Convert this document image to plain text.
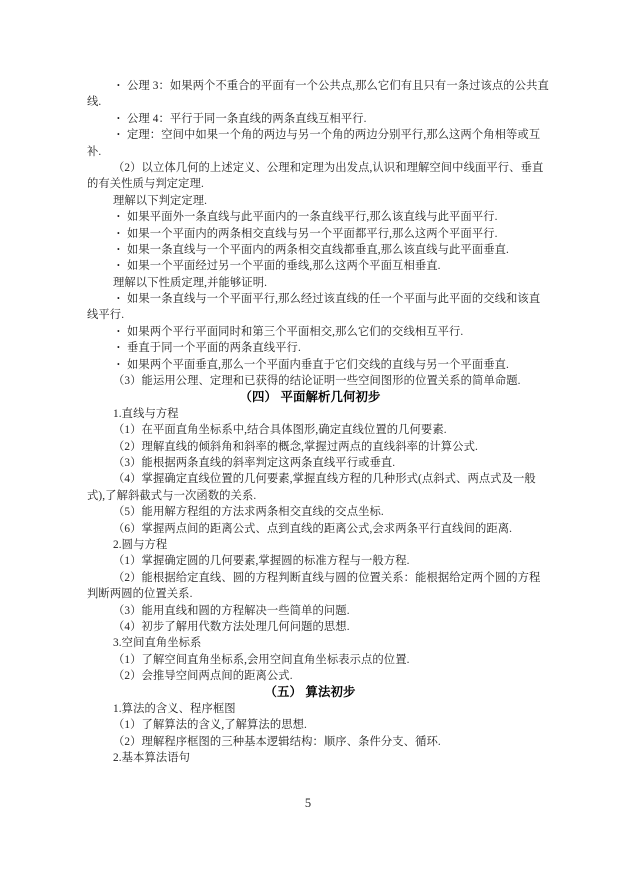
• 公理 3：如果两个不重合的平面有一个公共点,那么它们有且只有一条过该点的公共直
线.
• 公理 4：平行于同一条直线的两条直线互相平行.
• 定理：空间中如果一个角的两边与另一个角的两边分别平行,那么这两个角相等或互
补.
（2）以立体几何的上述定义、公理和定理为出发点,认识和理解空间中线面平行、垂直
的有关性质与判定定理.
理解以下判定定理.
• 如果平面外一条直线与此平面内的一条直线平行,那么该直线与此平面平行.
• 如果一个平面内的两条相交直线与另一个平面都平行,那么这两个平面平行.
• 如果一条直线与一个平面内的两条相交直线都垂直,那么该直线与此平面垂直.
• 如果一个平面经过另一个平面的垂线,那么这两个平面互相垂直.
理解以下性质定理,并能够证明.
• 如果一条直线与一个平面平行,那么经过该直线的任一个平面与此平面的交线和该直
线平行.
• 如果两个平行平面同时和第三个平面相交,那么它们的交线相互平行.
• 垂直于同一个平面的两条直线平行.
• 如果两个平面垂直,那么一个平面内垂直于它们交线的直线与另一个平面垂直.
（3）能运用公理、定理和已获得的结论证明一些空间图形的位置关系的简单命题.
（四） 平面解析几何初步
1.直线与方程
（1）在平面直角坐标系中,结合具体图形,确定直线位置的几何要素.
（2）理解直线的倾斜角和斜率的概念,掌握过两点的直线斜率的计算公式.
（3）能根据两条直线的斜率判定这两条直线平行或垂直.
（4）掌握确定直线位置的几何要素,掌握直线方程的几种形式(点斜式、两点式及一般
式),了解斜截式与一次函数的关系.
（5）能用解方程组的方法求两条相交直线的交点坐标.
（6）掌握两点间的距离公式、点到直线的距离公式,会求两条平行直线间的距离.
2.圆与方程
（1）掌握确定圆的几何要素,掌握圆的标准方程与一般方程.
（2）能根据给定直线、圆的方程判断直线与圆的位置关系：能根据给定两个圆的方程
判断两圆的位置关系.
（3）能用直线和圆的方程解决一些简单的问题.
（4）初步了解用代数方法处理几何问题的思想.
3.空间直角坐标系
（1）了解空间直角坐标系,会用空间直角坐标表示点的位置.
（2）会推导空间两点间的距离公式.
（五） 算法初步
1.算法的含义、程序框图
（1）了解算法的含义,了解算法的思想.
（2）理解程序框图的三种基本逻辑结构：顺序、条件分支、循环.
2.基本算法语句
5
